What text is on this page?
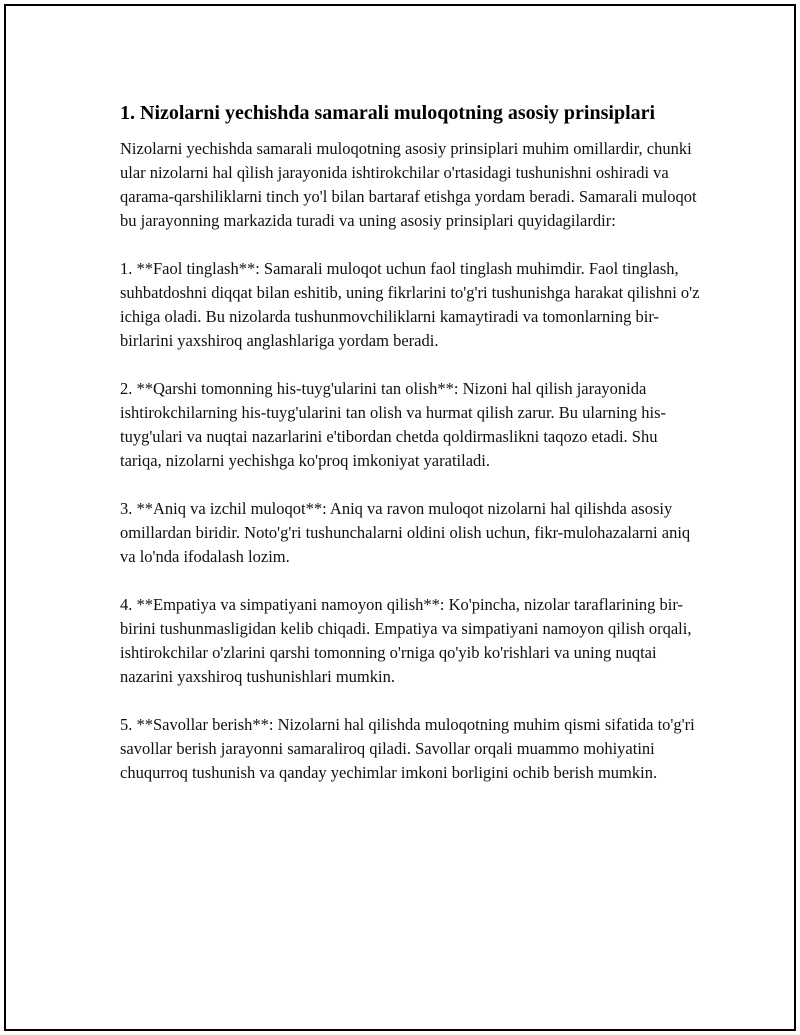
1. Nizolarni yechishda samarali muloqotning asosiy prinsiplari

Nizolarni yechishda samarali muloqotning asosiy prinsiplari muhim omillardir, chunki ular nizolarni hal qìlish jarayonida ishtirokchilar o'rtasidagi tushunishni oshiradi va qarama-qarshiliklarni tinch yo'l bilan bartaraf etishga yordam beradi. Samarali muloqot bu jarayonning markazida turadi va uning asosiy prinsiplari quyidagilardir:

1. **Faol tinglash**: Samarali muloqot uchun faol tinglash muhimdir. Faol tinglash, suhbatdoshni diqqat bilan eshitib, uning fikrlarini to'g'ri tushunishga harakat qilishni o'z ichiga oladi. Bu nizolarda tushunmovchiliklarni kamaytiradi va tomonlarning bir-birlarini yaxshiroq anglashlariga yordam beradi.

2. **Qarshi tomonning his-tuyg'ularini tan olish**: Nizoni hal qilish jarayonida ishtirokchilarning his-tuyg'ularini tan olish va hurmat qilish zarur. Bu ularning his-tuyg'ulari va nuqtai nazarlarini e'tibordan chetda qoldirmaslikni taqozo etadi. Shu tariqa, nizolarni yechishga ko'proq imkoniyat yaratiladi.

3. **Aniq va izchil muloqot**: Aniq va ravon muloqot nizolarni hal qilishda asosiy omillardan biridir. Noto'g'ri tushunchalarni oldini olish uchun, fikr-mulohazalarni aniq va lo'nda ifodalash lozim.

4. **Empatiya va simpatiyani namoyon qilish**: Ko'pincha, nizolar taraflarining bir-birini tushunmasligidan kelib chiqadi. Empatiya va simpatiyani namoyon qilish orqali, ishtirokchilar o'zlarini qarshi tomonning o'rniga qo'yib ko'rishlari va uning nuqtai nazarini yaxshiroq tushunishlari mumkin.

5. **Savollar berish**: Nizolarni hal qilishda muloqotning muhim qismi sifatida to'g'ri savollar berish jarayonni samaraliroq qiladi. Savollar orqali muammo mohiyatini chuqurroq tushunish va qanday yechimlar imkoni borligini ochib berish mumkin.
